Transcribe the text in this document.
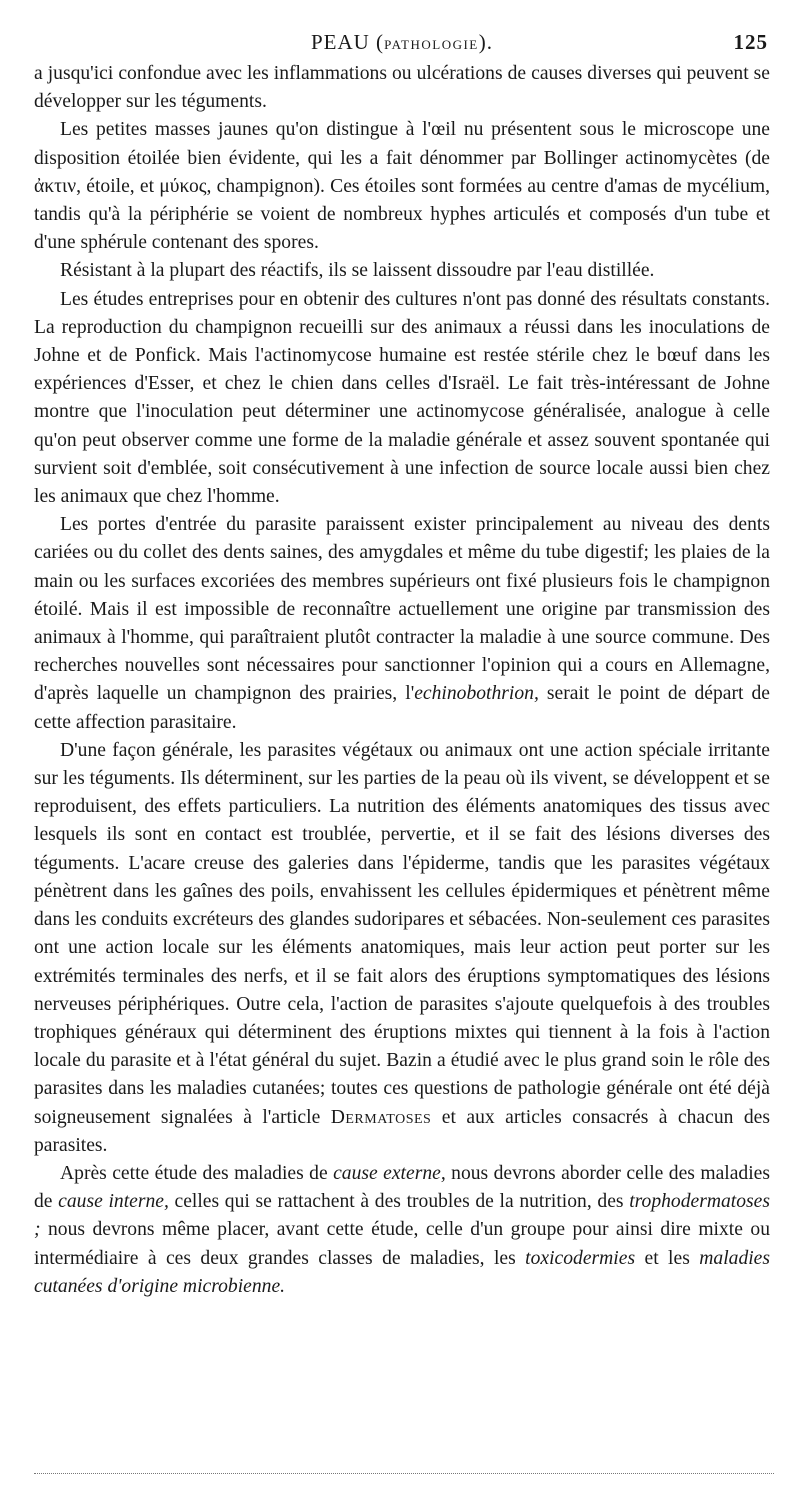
PEAU (PATHOLOGIE).	125

a jusqu'ici confondue avec les inflammations ou ulcérations de causes diverses qui peuvent se développer sur les téguments.

Les petites masses jaunes qu'on distingue à l'œil nu présentent sous le microscope une disposition étoilée bien évidente, qui les a fait dénommer par Bollinger actinomycètes (de ἀκτιν, étoile, et μύκος, champignon). Ces étoiles sont formées au centre d'amas de mycélium, tandis qu'à la périphérie se voient de nombreux hyphes articulés et composés d'un tube et d'une sphérule contenant des spores.

Résistant à la plupart des réactifs, ils se laissent dissoudre par l'eau distillée.

Les études entreprises pour en obtenir des cultures n'ont pas donné des résultats constants. La reproduction du champignon recueilli sur des animaux a réussi dans les inoculations de Johne et de Ponfick. Mais l'actinomycose humaine est restée stérile chez le bœuf dans les expériences d'Esser, et chez le chien dans celles d'Israël. Le fait très-intéressant de Johne montre que l'inoculation peut déterminer une actinomycose généralisée, analogue à celle qu'on peut observer comme une forme de la maladie générale et assez souvent spontanée qui survient soit d'emblée, soit consécutivement à une infection de source locale aussi bien chez les animaux que chez l'homme.

Les portes d'entrée du parasite paraissent exister principalement au niveau des dents cariées ou du collet des dents saines, des amygdales et même du tube digestif; les plaies de la main ou les surfaces excoriées des membres supérieurs ont fixé plusieurs fois le champignon étoilé. Mais il est impossible de reconnaître actuellement une origine par transmission des animaux à l'homme, qui paraîtraient plutôt contracter la maladie à une source commune. Des recherches nouvelles sont nécessaires pour sanctionner l'opinion qui a cours en Allemagne, d'après laquelle un champignon des prairies, l'echinobothrion, serait le point de départ de cette affection parasitaire.

D'une façon générale, les parasites végétaux ou animaux ont une action spéciale irritante sur les téguments. Ils déterminent, sur les parties de la peau où ils vivent, se développent et se reproduisent, des effets particuliers. La nutrition des éléments anatomiques des tissus avec lesquels ils sont en contact est troublée, pervertie, et il se fait des lésions diverses des téguments. L'acare creuse des galeries dans l'épiderme, tandis que les parasites végétaux pénètrent dans les gaînes des poils, envahissent les cellules épidermiques et pénètrent même dans les conduits excréteurs des glandes sudoripares et sébacées. Non-seulement ces parasites ont une action locale sur les éléments anatomiques, mais leur action peut porter sur les extrémités terminales des nerfs, et il se fait alors des éruptions symptomatiques des lésions nerveuses périphériques. Outre cela, l'action de parasites s'ajoute quelquefois à des troubles trophiques généraux qui déterminent des éruptions mixtes qui tiennent à la fois à l'action locale du parasite et à l'état général du sujet. Bazin a étudié avec le plus grand soin le rôle des parasites dans les maladies cutanées; toutes ces questions de pathologie générale ont été déjà soigneusement signalées à l'article Dermatoses et aux articles consacrés à chacun des parasites.

Après cette étude des maladies de cause externe, nous devrons aborder celle des maladies de cause interne, celles qui se rattachent à des troubles de la nutrition, des trophodermatoses ; nous devrons même placer, avant cette étude, celle d'un groupe pour ainsi dire mixte ou intermédiaire à ces deux grandes classes de maladies, les toxicodermies et les maladies cutanées d'origine microbienne.
